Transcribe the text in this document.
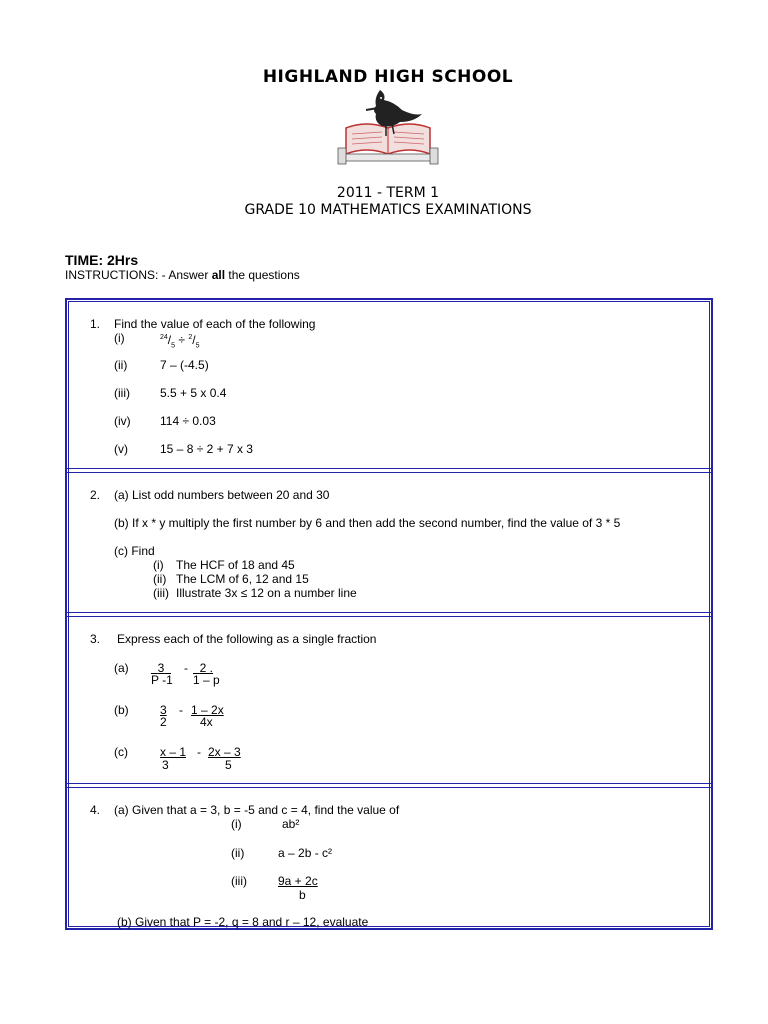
HIGHLAND HIGH SCHOOL
2011 - TERM 1
GRADE 10 MATHEMATICS EXAMINATIONS
TIME: 2Hrs
INSTRUCTIONS: - Answer all the questions
1. Find the value of each of the following
(i)	$^{24}/_5 \div ^2/_5$
(ii)	7 – (-4.5)
(iii)	5.5 + 5 x 0.4
(iv) 114 ÷ 0.03
(v)	15 – 8 ÷ 2 + 7 x 3
2. (a) List odd numbers between 20 and 30
(b) If x * y multiply the first number by 6 and then add the second number, find the value of 3 * 5
(c) Find
(i) The HCF of 18 and 45
(ii) The LCM of 6, 12 and 15
(iii) Illustrate 3x ≤ 12 on a number line
3. Express each of the following as a single fraction
(a)	3
P -1
- 2 .
1 – p
(b)	3
2
- 1 – 2x
4x
(c)	x – 1
3
- 2x – 3
5
4. (a) Given that a = 3, b = -5 and c = 4, find the value of
(i)	ab²
(ii)	a – 2b - c²
(iii)	9a + 2c
b
(b) Given that P = -2, q = 8 and r – 12, evaluate
